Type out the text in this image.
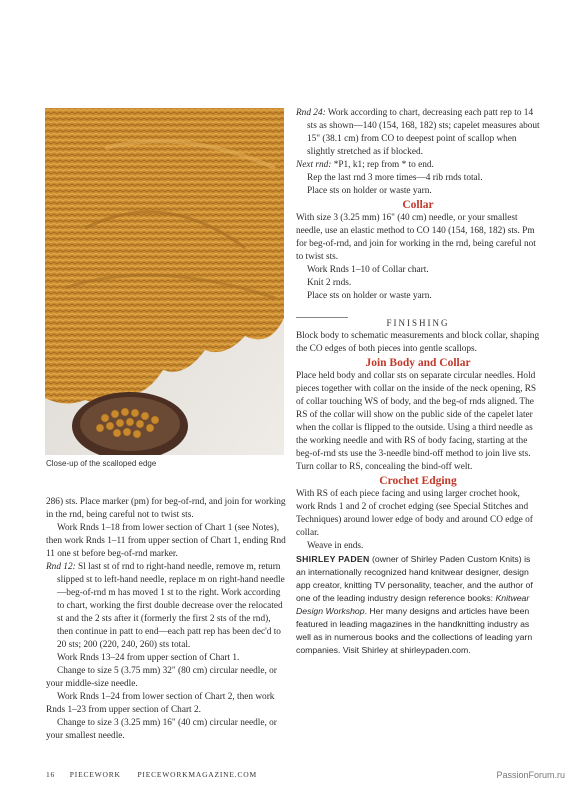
Close-up of the scalloped edge

286) sts. Place marker (pm) for beg-of-rnd, and join for working in the rnd, being careful not to twist sts.

Work Rnds 1–18 from lower section of Chart 1 (see Notes), then work Rnds 1–11 from upper section of Chart 1, ending Rnd 11 one st before beg-of-rnd marker.

Rnd 12: Sl last st of rnd to right-hand needle, remove m, return slipped st to left-hand needle, replace m on right-hand needle—beg-of-rnd m has moved 1 st to the right. Work according to chart, working the first double decrease over the relocated st and the 2 sts after it (formerly the first 2 sts of the rnd), then continue in patt to end—each patt rep has been dec'd to 20 sts; 200 (220, 240, 260) sts total.

Work Rnds 13–24 from upper section of Chart 1.

Change to size 5 (3.75 mm) 32" (80 cm) circular needle, or your middle-size needle.

Work Rnds 1–24 from lower section of Chart 2, then work Rnds 1–23 from upper section of Chart 2.

Change to size 3 (3.25 mm) 16" (40 cm) circular needle, or your smallest needle.

Rnd 24: Work according to chart, decreasing each patt rep to 14 sts as shown—140 (154, 168, 182) sts; capelet measures about 15" (38.1 cm) from CO to deepest point of scallop when slightly stretched as if blocked.

Next rnd: *P1, k1; rep from * to end.

Rep the last rnd 3 more times—4 rib rnds total.

Place sts on holder or waste yarn.

Collar

With size 3 (3.25 mm) 16" (40 cm) needle, or your smallest needle, use an elastic method to CO 140 (154, 168, 182) sts. Pm for beg-of-rnd, and join for working in the rnd, being careful not to twist sts.

Work Rnds 1–10 of Collar chart.

Knit 2 rnds.

Place sts on holder or waste yarn.

FINISHING

Block body to schematic measurements and block collar, shaping the CO edges of both pieces into gentle scallops.

Join Body and Collar

Place held body and collar sts on separate circular needles. Hold pieces together with collar on the inside of the neck opening, RS of collar touching WS of body, and the beg-of rnds aligned. The RS of the collar will show on the public side of the capelet later when the collar is flipped to the outside. Using a third needle as the working needle and with RS of body facing, starting at the beg-of-rnd sts use the 3-needle bind-off method to join live sts. Turn collar to RS, concealing the bind-off welt.

Crochet Edging

With RS of each piece facing and using larger crochet hook, work Rnds 1 and 2 of crochet edging (see Special Stitches and Techniques) around lower edge of body and around CO edge of collar.

Weave in ends.

SHIRLEY PADEN (owner of Shirley Paden Custom Knits) is an internationally recognized hand knitwear designer, design app creator, knitting TV personality, teacher, and the author of one of the leading industry design reference books: Knitwear Design Workshop. Her many designs and articles have been featured in leading magazines in the handknitting industry as well as in numerous books and the collections of leading yarn companies. Visit Shirley at shirleypaden.com.

16 PIECEWORK PIECEWORKMAGAZINE.COM	PassionForum.ru
